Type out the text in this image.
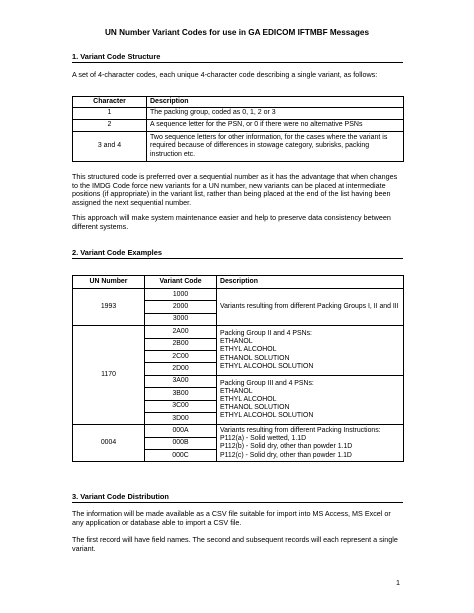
UN Number Variant Codes for use in GA EDICOM IFTMBF Messages
1. Variant Code Structure
A set of 4-character codes, each unique 4-character code describing a single variant, as follows:
Character	Description
1	The packing group, coded as 0, 1, 2 or 3
2	A sequence letter for the PSN, or 0 if there were no alternative PSNs
3 and 4	Two sequence letters for other information, for the cases where the variant is required because of differences in stowage category, subrisks, packing instruction etc.
This structured code is preferred over a sequential number as it has the advantage that when changes to the IMDG Code force new variants for a UN number, new variants can be placed at intermediate positions (if appropriate) in the variant list, rather than being placed at the end of the list having been assigned the next sequential number.
This approach will make system maintenance easier and help to preserve data consistency between different systems.
2. Variant Code Examples
UN Number	Variant Code	Description
1993	1000	Variants resulting from different Packing Groups I, II and III
	2000	
	3000	
1170	2A00	Packing Group II and 4 PSNs:
ETHANOL
ETHYL ALCOHOL
ETHANOL SOLUTION
ETHYL ALCOHOL SOLUTION
	2B00	
	2C00	
	2D00	
	3A00	Packing Group III and 4 PSNs:
ETHANOL
ETHYL ALCOHOL
ETHANOL SOLUTION
ETHYL ALCOHOL SOLUTION
	3B00	
	3C00	
	3D00	
0004	000A	Variants resulting from different Packing Instructions:
P112(a) - Solid wetted, 1.1D
P112(b) - Solid dry, other than powder 1.1D
P112(c) - Solid dry, other than powder 1.1D
	000B	
	000C	
3. Variant Code Distribution
The information will be made available as a CSV file suitable for import into MS Access, MS Excel or any application or database able to import a CSV file.
The first record will have field names. The second and subsequent records will each represent a single variant.
1
